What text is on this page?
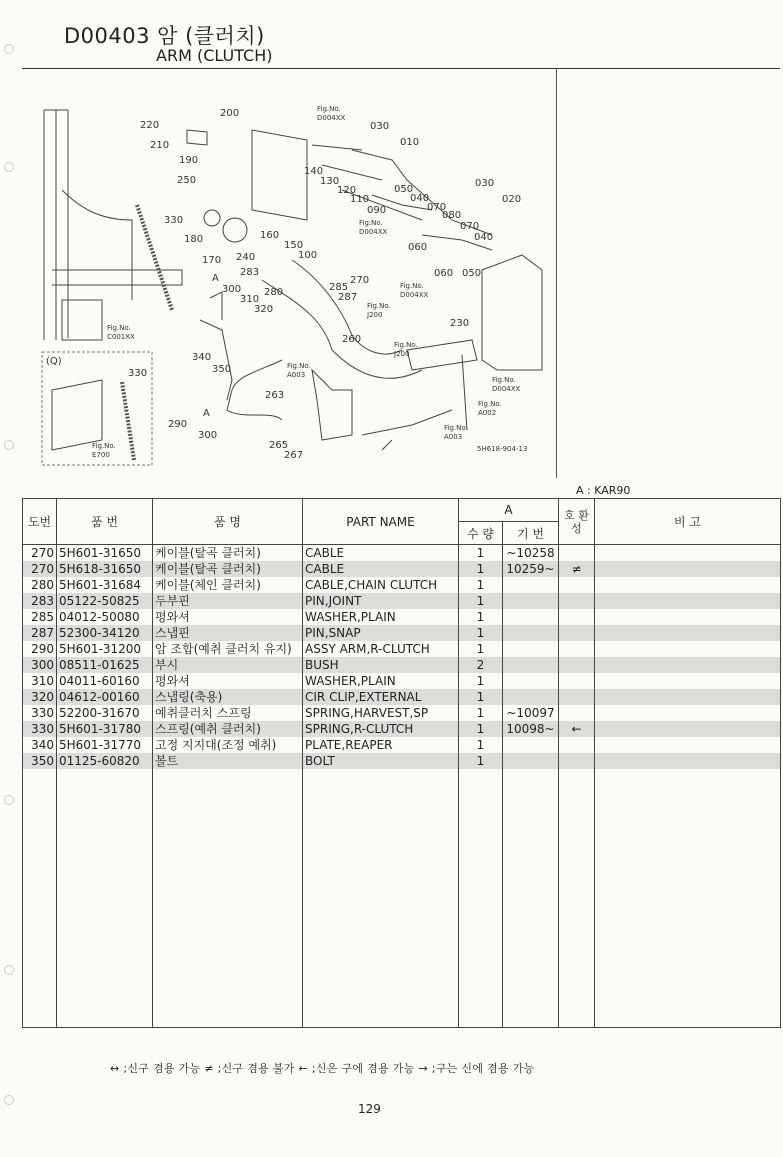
D00403 암 (클러치)
ARM (CLUTCH)
220
200
210
190
250
330
180
170 240
283
A
300
310
320
340
350
290
A
300
263
265
267
260
280	285
287
270
230
160
150
100
140
130
120
110
090
030
010
050
040
070
080
030
020
070
040
060
060 050
Fig.No.
D004XX
Fig.No.
D004XX
Fig.No.
D004XX
Fig.No.
J200
Fig.No.
J200
Fig.No.
C001XX
Fig.No.
A003
Fig.No.
D004XX
Fig.No.
A002
Fig.No.
A003
Fig.No.
E700
(Q)
330
5H618-904-13
A : KAR90
도번	품 번	품 명	PART NAME	A		호 환 성	비 고
				수 량	기 번		
270	5H601-31650	케이블(탈곡 클러치)	CABLE	1	~10258		
270	5H618-31650	케이블(탈곡 클러치)	CABLE	1	10259~	≠	
280	5H601-31684	케이블(체인 클러치)	CABLE,CHAIN CLUTCH	1			
283	05122-50825	두부핀	PIN,JOINT	1			
285	04012-50080	평와셔	WASHER,PLAIN	1			
287	52300-34120	스냅핀	PIN,SNAP	1			
290	5H601-31200	암 조합(예취 클러치 유지)	ASSY ARM,R-CLUTCH	1			
300	08511-01625	부시	BUSH	2			
310	04011-60160	평와셔	WASHER,PLAIN	1			
320	04612-00160	스냅링(축용)	CIR CLIP,EXTERNAL	1			
330	52200-31670	예취클러치 스프링	SPRING,HARVEST,SP	1	~10097		
330	5H601-31780	스프링(예취 클러치)	SPRING,R-CLUTCH	1	10098~	←	
340	5H601-31770	고정 지지대(조정 예취)	PLATE,REAPER	1			
350	01125-60820	볼트	BOLT	1			

↔ ;신구 겸용 가능 ≠ ;신구 겸용 불가 ← ;신은 구에 겸용 가능 → ;구는 신에 겸용 가능
129
